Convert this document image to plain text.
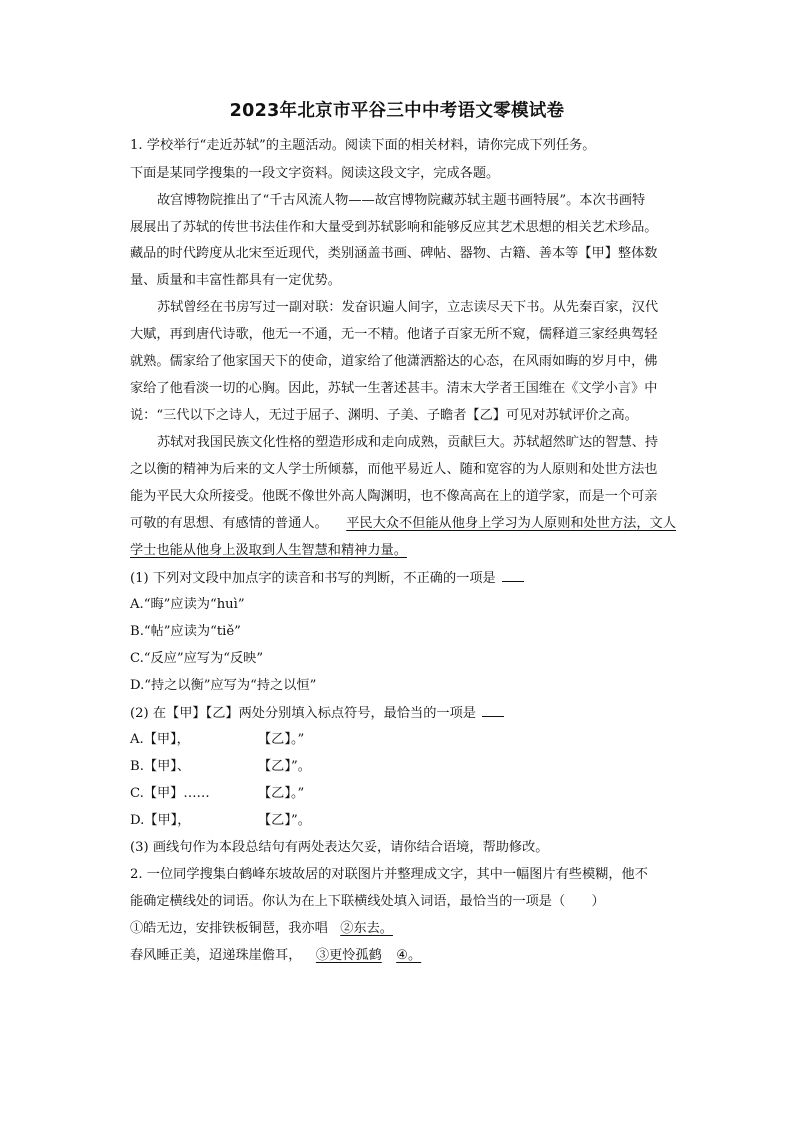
2023年北京市平谷三中中考语文零模试卷
1. 学校举行“走近苏轼”的主题活动。阅读下面的相关材料，请你完成下列任务。
下面是某同学搜集的一段文字资料。阅读这段文字，完成各题。
故宫博物院推出了“千古风流人物——故宫博物院藏苏轼主题书画特展”。本次书画特
展展出了苏轼的传世书法佳作和大量受到苏轼影响和能够反应其艺术思想的相关艺术珍品。
藏品的时代跨度从北宋至近现代，类别涵盖书画、碑帖、器物、古籍、善本等【甲】整体数
量、质量和丰富性都具有一定优势。
苏轼曾经在书房写过一副对联：发奋识遍人间字，立志读尽天下书。从先秦百家，汉代
大赋，再到唐代诗歌，他无一不通，无一不精。他诸子百家无所不窥，儒释道三家经典驾轻
就熟。儒家给了他家国天下的使命，道家给了他潇洒豁达的心态，在风雨如晦的岁月中，佛
家给了他看淡一切的心胸。因此，苏轼一生著述甚丰。清末大学者王国维在《文学小言》中
说：“三代以下之诗人，无过于屈子、渊明、子美、子瞻者【乙】可见对苏轼评价之高。
苏轼对我国民族文化性格的塑造形成和走向成熟，贡献巨大。苏轼超然旷达的智慧、持
之以衡的精神为后来的文人学士所倾慕，而他平易近人、随和宽容的为人原则和处世方法也
能为平民大众所接受。他既不像世外高人陶渊明，也不像高高在上的道学家，而是一个可亲
可敬的有思想、有感情的普通人。 平民大众不但能从他身上学习为人原则和处世方法，文人
学士也能从他身上汲取到人生智慧和精神力量。
(1) 下列对文段中加点字的读音和书写的判断，不正确的一项是
A.“晦”应读为“huì”
B.“帖”应读为“tiě”
C.“反应”应写为“反映”
D.“持之以衡”应写为“持之以恒”
(2) 在【甲】【乙】两处分别填入标点符号，最恰当的一项是
A.【甲】，	【乙】。”
B.【甲】、	【乙】”。
C.【甲】……	【乙】。”
D.【甲】，	【乙】”。
(3) 画线句作为本段总结句有两处表达欠妥，请你结合语境，帮助修改。
2. 一位同学搜集白鹤峰东坡故居的对联图片并整理成文字，其中一幅图片有些模糊，他不
能确定横线处的词语。你认为在上下联横线处填入词语，最恰当的一项是（　　）
①皓无边，安排铁板铜琶，我亦唱 ②东去。
春风睡正美，迢递珠崖儋耳， ③更怜孤鹤 ④。
